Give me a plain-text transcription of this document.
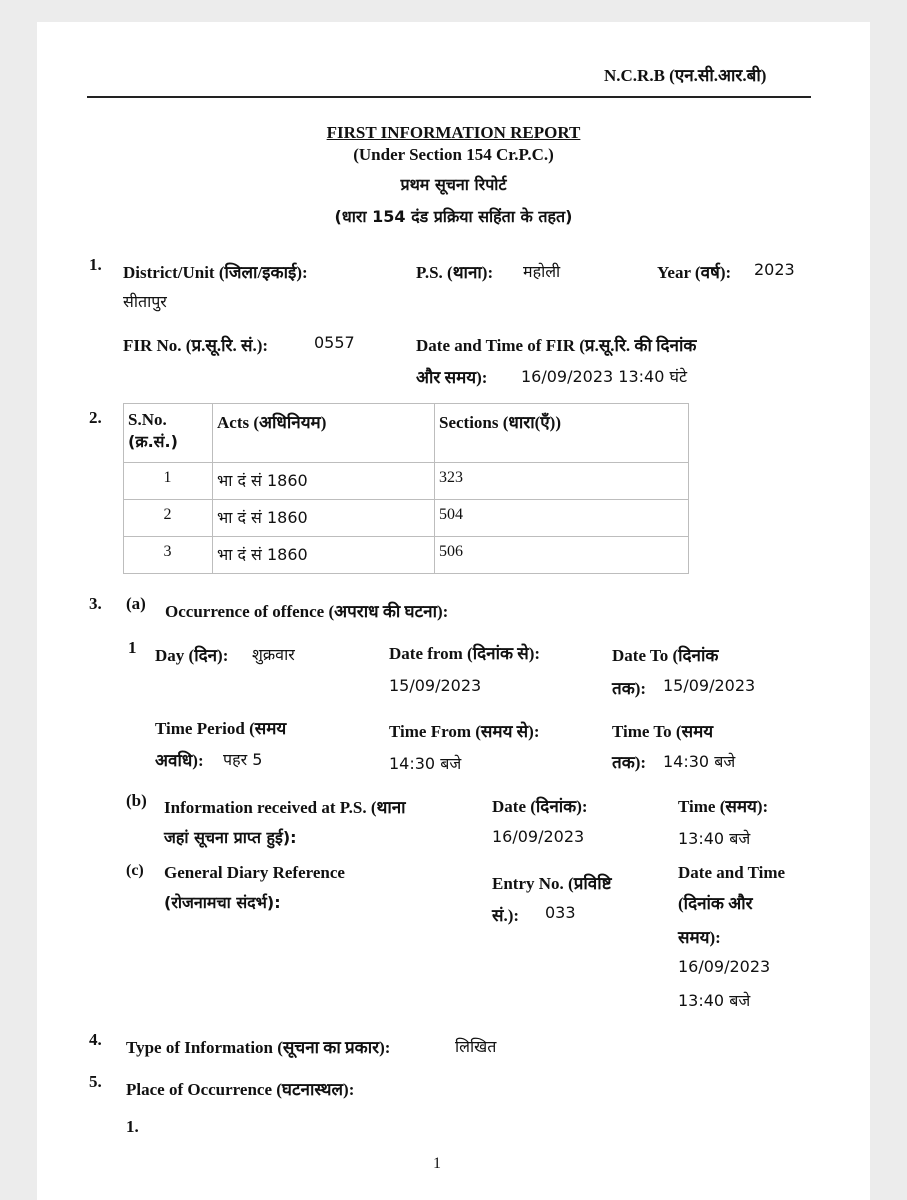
N.C.R.B (एन.सी.आर.बी)
FIRST INFORMATION REPORT
(Under Section 154 Cr.P.C.)
प्रथम सूचना रिपोर्ट
(धारा 154 दंड प्रक्रिया सहिंता के तहत)
1. District/Unit (जिला/इकाई):
सीतापुर
P.S. (थाना): महोली	Year (वर्ष): 2023
FIR No. (प्र.सू.रि. सं.):	0557	Date and Time of FIR (प्र.सू.रि. की दिनांक
और समय): 16/09/2023 13:40 घंटे
2. S.No.
(क्र.सं.)	Acts (अधिनियम)	Sections (धारा(एँ))

1	भा दं सं 1860	323
2	भा दं सं 1860	504
3	भा दं सं 1860	506
3. (a) Occurrence of offence (अपराध की घटना):
1 Day (दिन): शुक्रवार	Date from (दिनांक से):
15/09/2023
Date To (दिनांक
तक): 15/09/2023
Time Period (समय
अवधि): पहर 5
Time From (समय से):
14:30 बजे
Time To (समय
तक): 14:30 बजे
(b) Information received at P.S. (थाना
जहां सूचना प्राप्त हुई):
Date (दिनांक):
16/09/2023
Time (समय):
13:40 बजे
(c) General Diary Reference
(रोजनामचा संदर्भ):
Entry No. (प्रविष्टि
सं.): 033
Date and Time
(दिनांक और
समय):
16/09/2023
13:40 बजे
4. Type of Information (सूचना का प्रकार):	लिखित
5. Place of Occurrence (घटनास्थल):
1.
1
